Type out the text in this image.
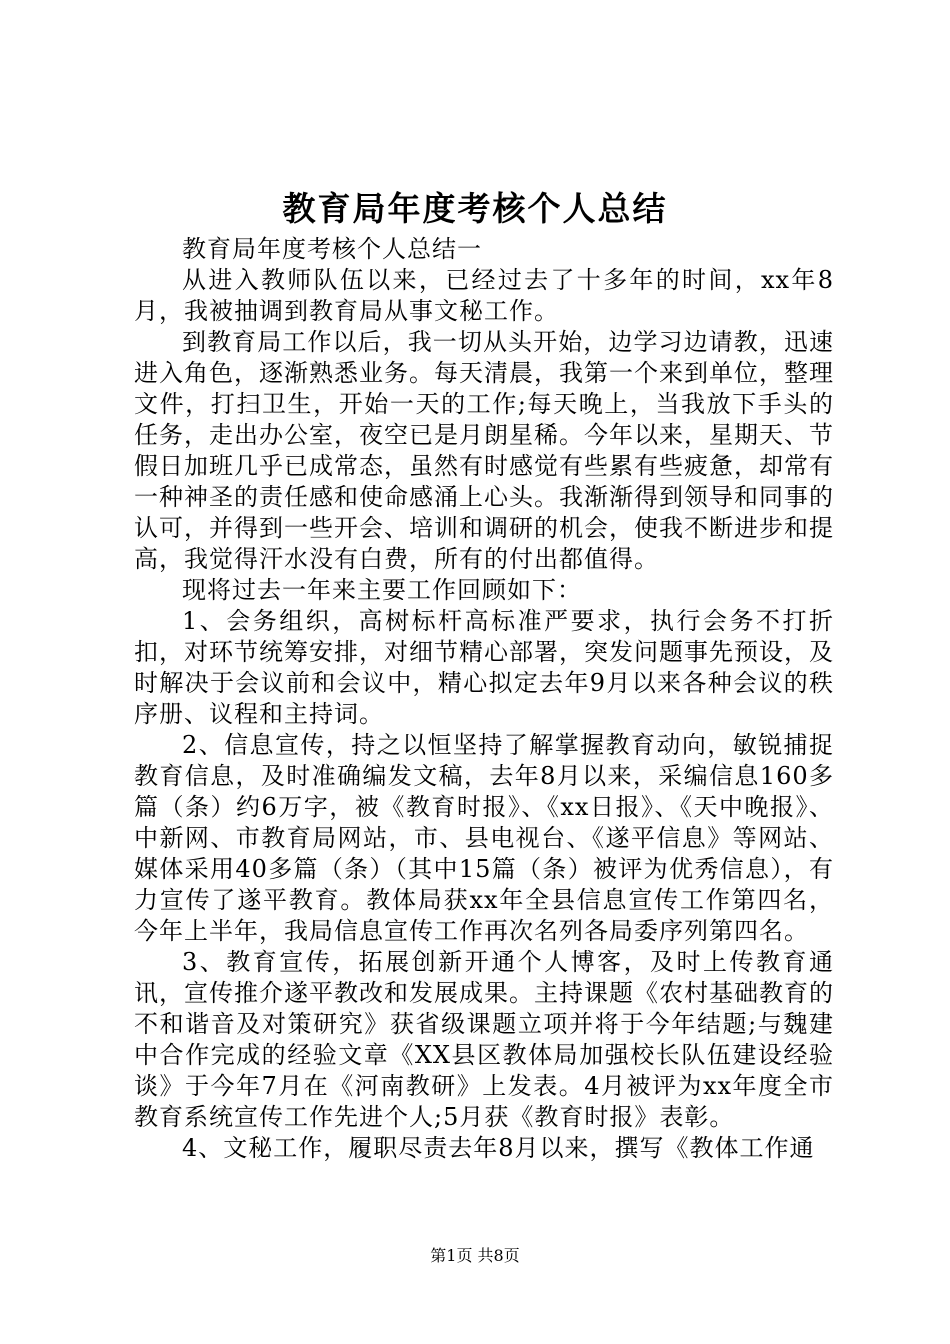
教育局年度考核个人总结

教育局年度考核个人总结一

从进入教师队伍以来，已经过去了十多年的时间，xx年8月，我被抽调到教育局从事文秘工作。

到教育局工作以后，我一切从头开始，边学习边请教，迅速进入角色，逐渐熟悉业务。每天清晨，我第一个来到单位，整理文件，打扫卫生，开始一天的工作;每天晚上，当我放下手头的任务，走出办公室，夜空已是月朗星稀。今年以来，星期天、节假日加班几乎已成常态，虽然有时感觉有些累有些疲惫，却常有一种神圣的责任感和使命感涌上心头。我渐渐得到领导和同事的认可，并得到一些开会、培训和调研的机会，使我不断进步和提高，我觉得汗水没有白费，所有的付出都值得。

现将过去一年来主要工作回顾如下：

1、会务组织，高树标杆高标准严要求，执行会务不打折扣，对环节统筹安排，对细节精心部署，突发问题事先预设，及时解决于会议前和会议中，精心拟定去年9月以来各种会议的秩序册、议程和主持词。

2、信息宣传，持之以恒坚持了解掌握教育动向，敏锐捕捉教育信息，及时准确编发文稿，去年8月以来，采编信息160多篇（条）约6万字，被《教育时报》、《xx日报》、《天中晚报》、中新网、市教育局网站，市、县电视台、《遂平信息》等网站、媒体采用40多篇（条）（其中15篇（条）被评为优秀信息），有力宣传了遂平教育。教体局获xx年全县信息宣传工作第四名，今年上半年，我局信息宣传工作再次名列各局委序列第四名。

3、教育宣传，拓展创新开通个人博客，及时上传教育通讯，宣传推介遂平教改和发展成果。主持课题《农村基础教育的不和谐音及对策研究》获省级课题立项并将于今年结题;与魏建中合作完成的经验文章《XX县区教体局加强校长队伍建设经验谈》于今年7月在《河南教研》上发表。4月被评为xx年度全市教育系统宣传工作先进个人;5月获《教育时报》表彰。

4、文秘工作，履职尽责去年8月以来，撰写《教体工作通

第1页 共8页
